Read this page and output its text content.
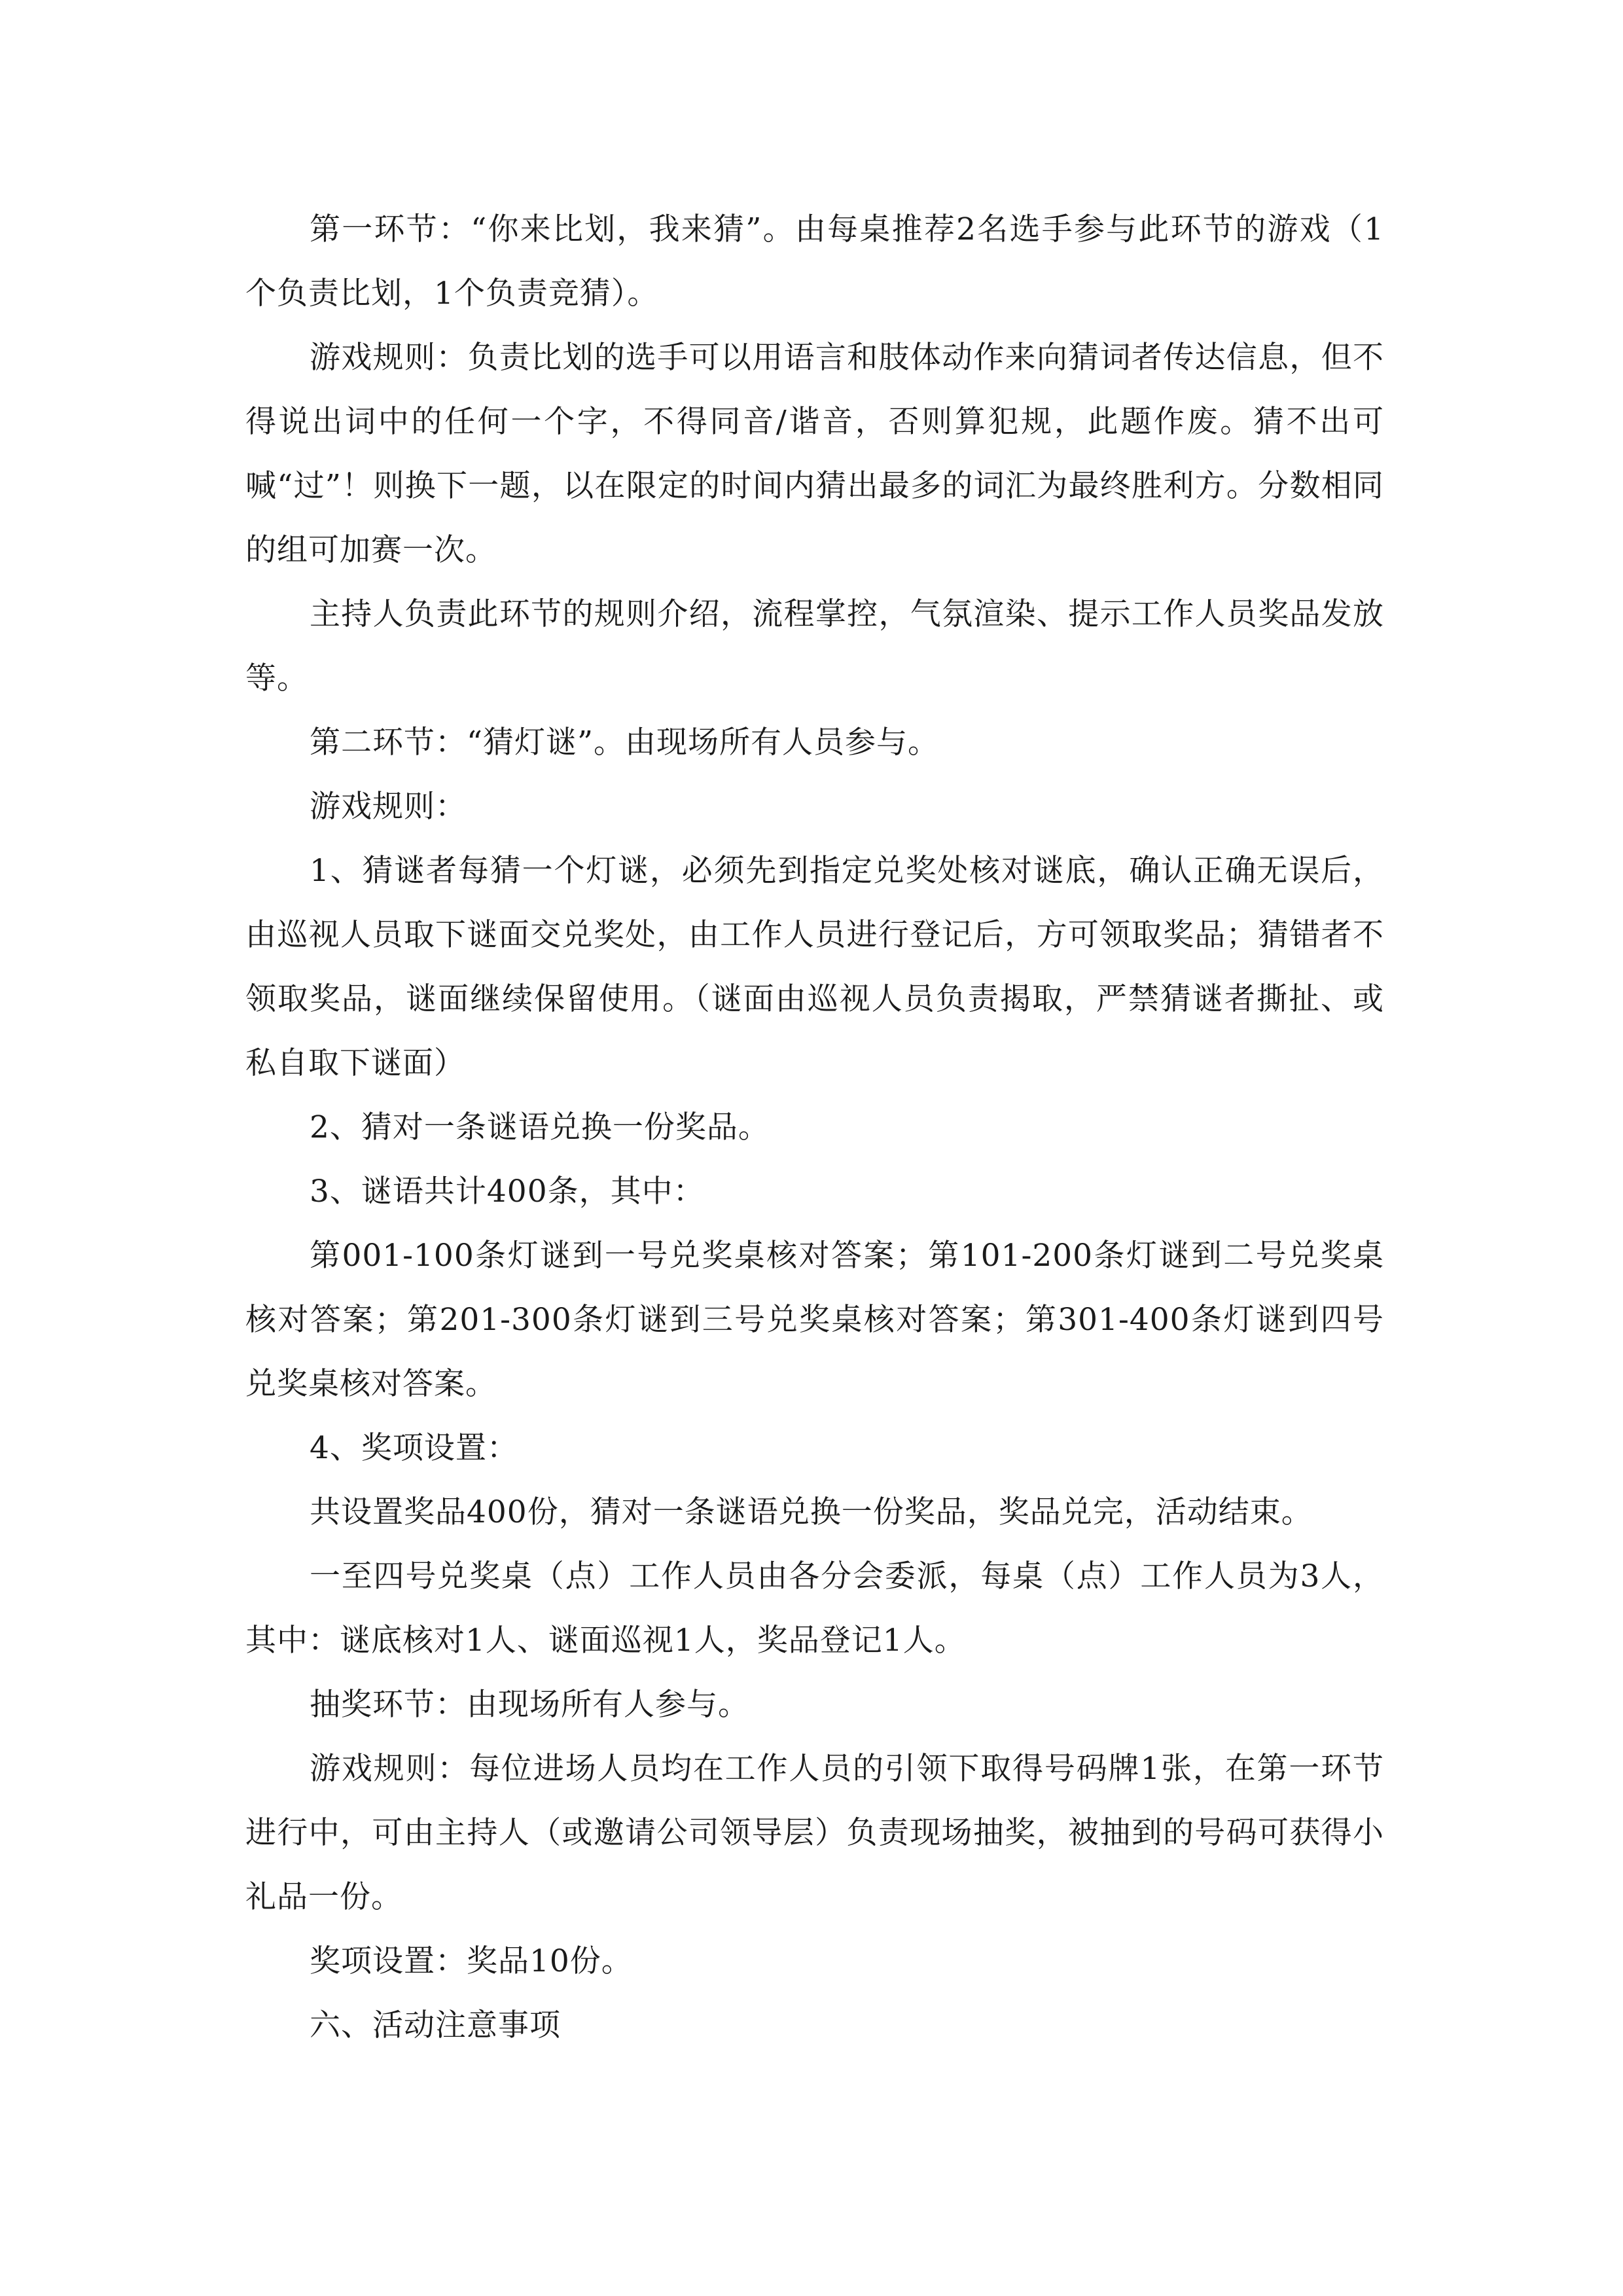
第一环节：“你来比划，我来猜”。由每桌推荐2名选手参与此环节的游戏（1个负责比划，1个负责竞猜）。

游戏规则：负责比划的选手可以用语言和肢体动作来向猜词者传达信息，但不得说出词中的任何一个字，不得同音/谐音，否则算犯规，此题作废。猜不出可喊“过”！则换下一题，以在限定的时间内猜出最多的词汇为最终胜利方。分数相同的组可加赛一次。

主持人负责此环节的规则介绍，流程掌控，气氛渲染、提示工作人员奖品发放等。

第二环节：“猜灯谜”。由现场所有人员参与。

游戏规则：

1、猜谜者每猜一个灯谜，必须先到指定兑奖处核对谜底，确认正确无误后，由巡视人员取下谜面交兑奖处，由工作人员进行登记后，方可领取奖品；猜错者不领取奖品，谜面继续保留使用。（谜面由巡视人员负责揭取，严禁猜谜者撕扯、或私自取下谜面）

2、猜对一条谜语兑换一份奖品。

3、谜语共计400条，其中：

第001-100条灯谜到一号兑奖桌核对答案；第101-200条灯谜到二号兑奖桌核对答案；第201-300条灯谜到三号兑奖桌核对答案；第301-400条灯谜到四号兑奖桌核对答案。

4、奖项设置：

共设置奖品400份，猜对一条谜语兑换一份奖品，奖品兑完，活动结束。

一至四号兑奖桌（点）工作人员由各分会委派，每桌（点）工作人员为3人，其中：谜底核对1人、谜面巡视1人，奖品登记1人。

抽奖环节：由现场所有人参与。

游戏规则：每位进场人员均在工作人员的引领下取得号码牌1张，在第一环节进行中，可由主持人（或邀请公司领导层）负责现场抽奖，被抽到的号码可获得小礼品一份。

奖项设置：奖品10份。

六、活动注意事项
